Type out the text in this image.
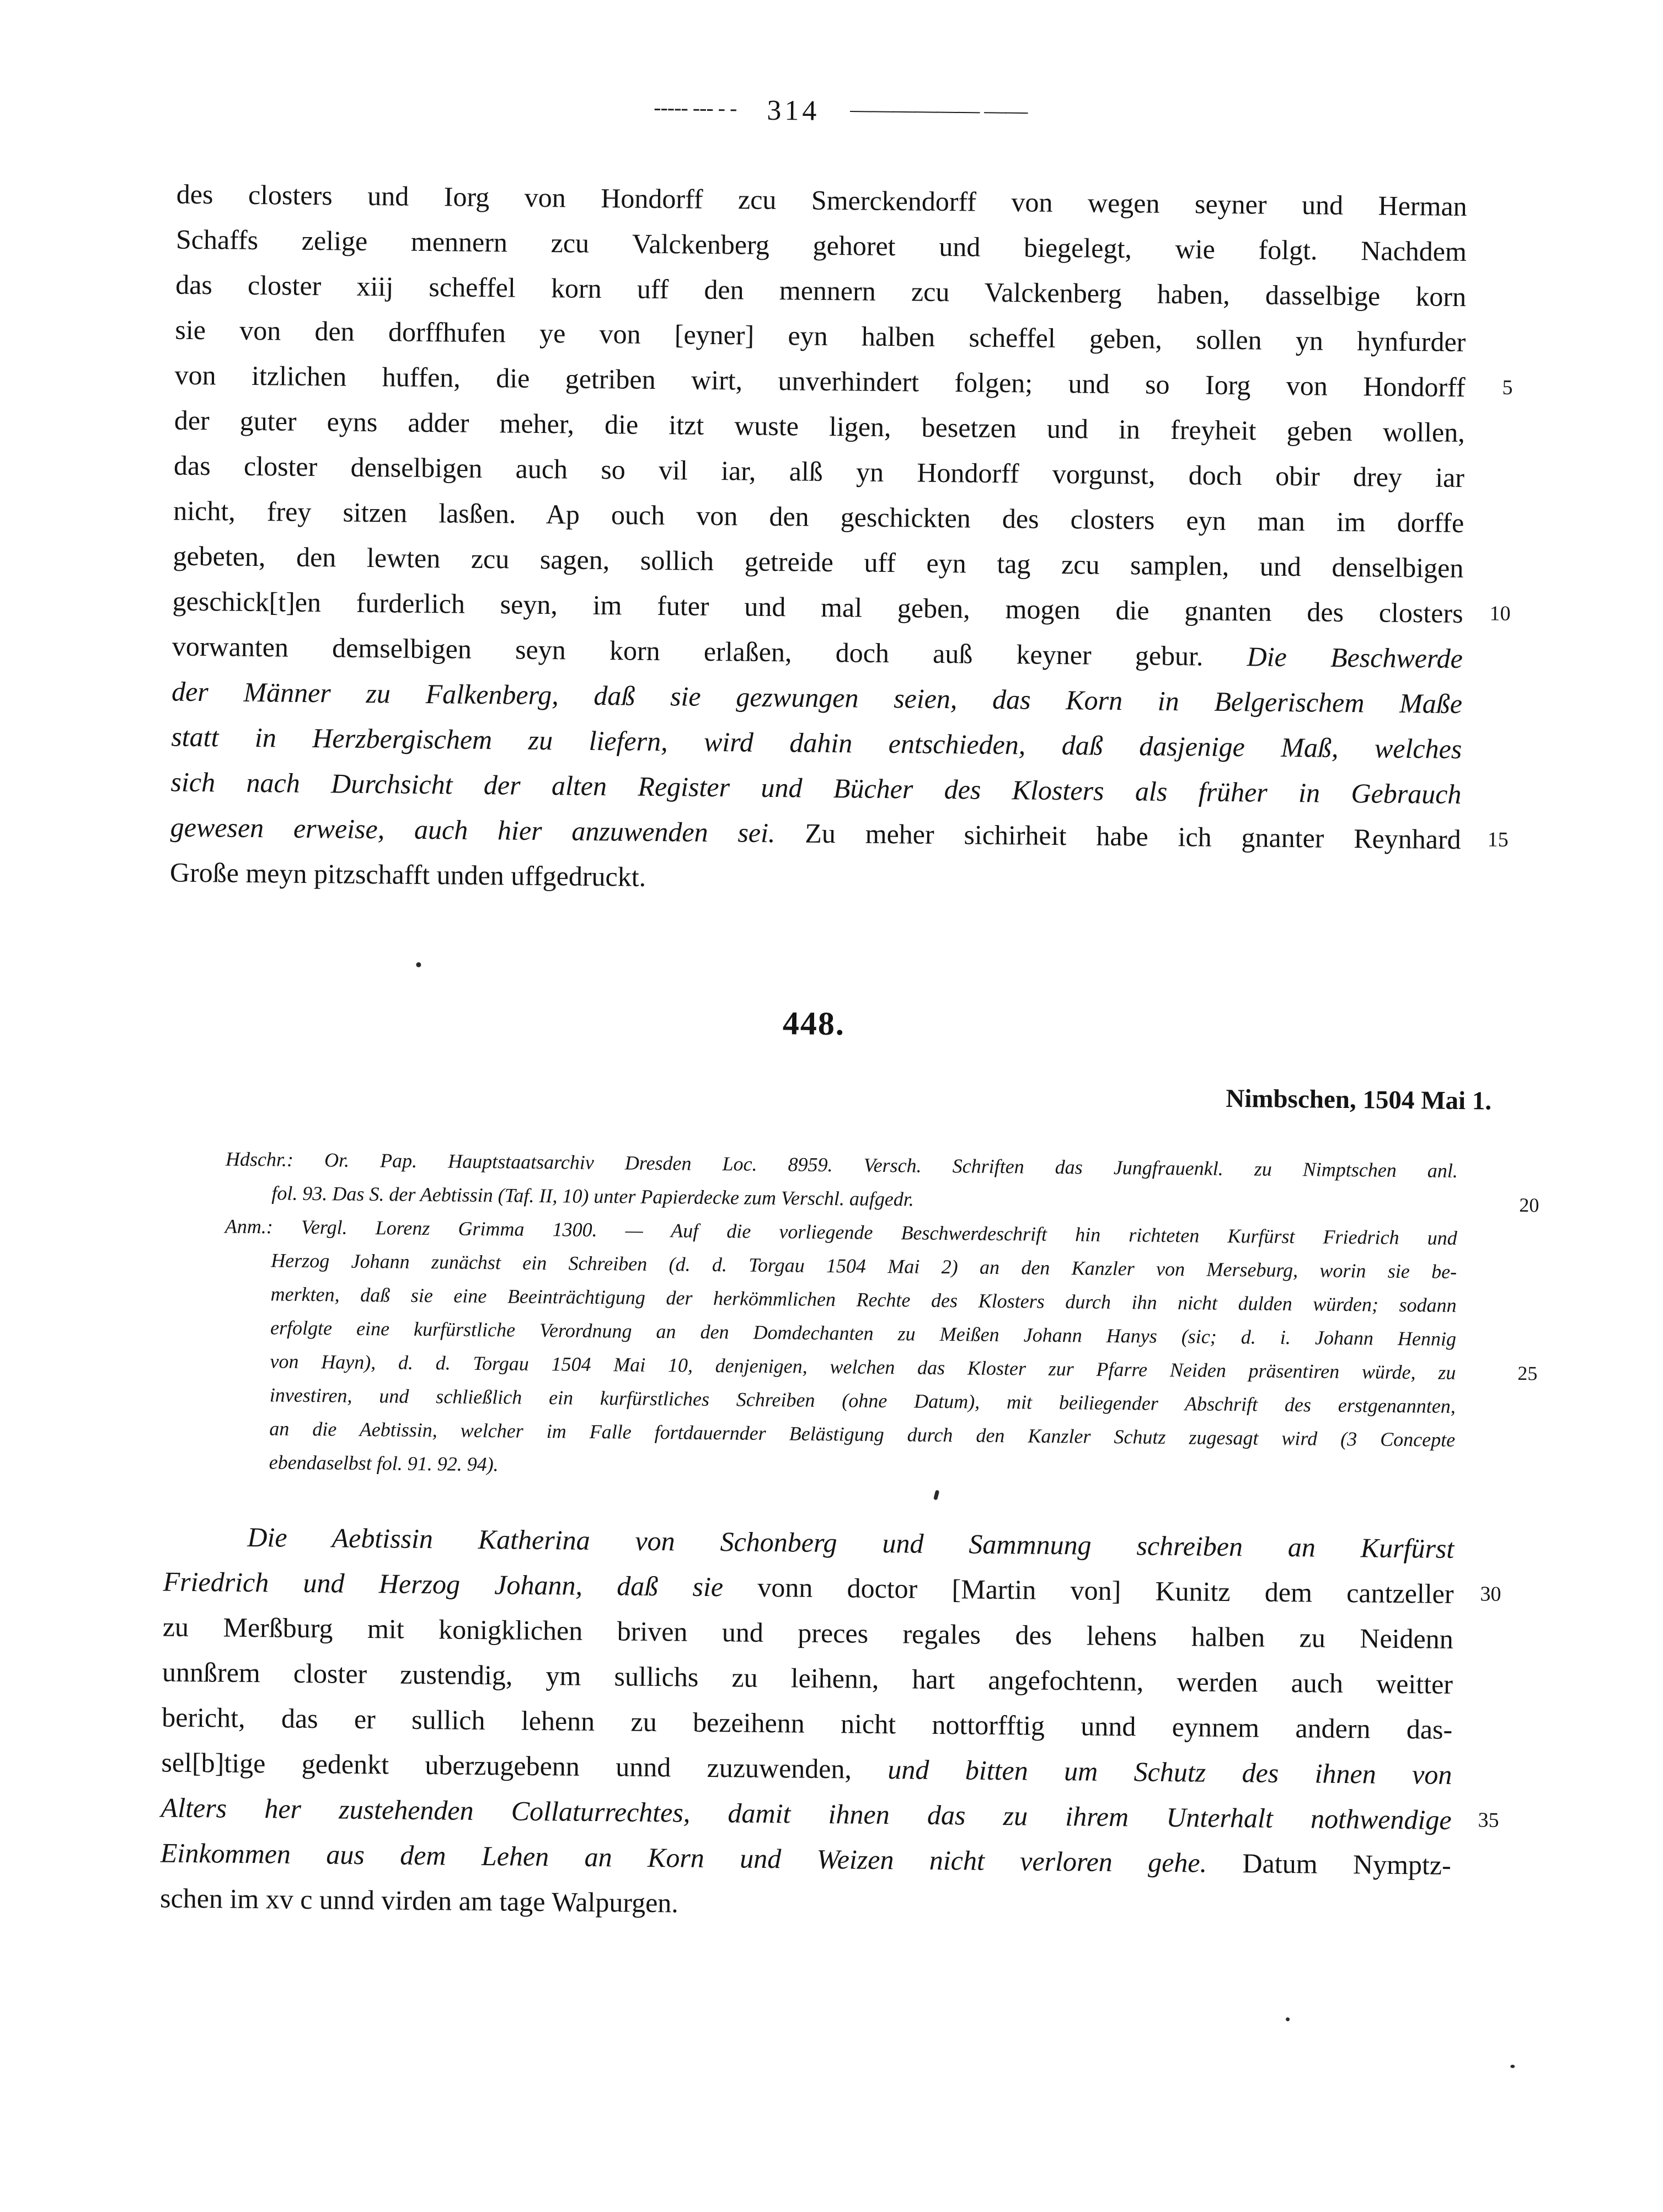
----- --- - - 314 —————— ——
des closters und Iorg von Hondorff zcu Smerckendorff von wegen seyner und Herman
Schaffs zelige mennern zcu Valckenberg gehoret und biegelegt, wie folgt. Nachdem
das closter xiij scheffel korn uff den mennern zcu Valckenberg haben, dasselbige korn
sie von den dorffhufen ye von [eyner] eyn halben scheffel geben, sollen yn hynfurder
von itzlichen huffen, die getriben wirt, unverhindert folgen; und so Iorg von Hondorff 5
der guter eyns adder meher, die itzt wuste ligen, besetzen und in freyheit geben wollen,
das closter denselbigen auch so vil iar, alß yn Hondorff vorgunst, doch obir drey iar
nicht, frey sitzen lasßen. Ap ouch von den geschickten des closters eyn man im dorffe
gebeten, den lewten zcu sagen, sollich getreide uff eyn tag zcu samplen, und denselbigen
geschick[t]en furderlich seyn, im futer und mal geben, mogen die gnanten des closters 10
vorwanten demselbigen seyn korn erlaßen, doch auß keyner gebur. Die Beschwerde
der Männer zu Falkenberg, daß sie gezwungen seien, das Korn in Belgerischem Maße
statt in Herzbergischem zu liefern, wird dahin entschieden, daß dasjenige Maß, welches
sich nach Durchsicht der alten Register und Bücher des Klosters als früher in Gebrauch
gewesen erweise, auch hier anzuwenden sei. Zu meher sichirheit habe ich gnanter Reynhard 15
Große meyn pitzschafft unden uffgedruckt.
448.
Nimbschen, 1504 Mai 1.
Hdschr.: Or. Pap. Hauptstaatsarchiv Dresden Loc. 8959. Versch. Schriften das Jungfrauenkl. zu Nimptschen anl.
fol. 93. Das S. der Aebtissin (Taf. II, 10) unter Papierdecke zum Verschl. aufgedr.	20
Anm.: Vergl. Lorenz Grimma 1300. — Auf die vorliegende Beschwerdeschrift hin richteten Kurfürst Friedrich und
Herzog Johann zunächst ein Schreiben (d. d. Torgau 1504 Mai 2) an den Kanzler von Merseburg, worin sie be-
merkten, daß sie eine Beeinträchtigung der herkömmlichen Rechte des Klosters durch ihn nicht dulden würden; sodann
erfolgte eine kurfürstliche Verordnung an den Domdechanten zu Meißen Johann Hanys (sic; d. i. Johann Hennig
von Hayn), d. d. Torgau 1504 Mai 10, denjenigen, welchen das Kloster zur Pfarre Neiden präsentiren würde, zu	25
investiren, und schließlich ein kurfürstliches Schreiben (ohne Datum), mit beiliegender Abschrift des erstgenannten,
an die Aebtissin, welcher im Falle fortdauernder Belästigung durch den Kanzler Schutz zugesagt wird (3 Concepte
ebendaselbst fol. 91. 92. 94).
Die Aebtissin Katherina von Schonberg und Sammnung schreiben an Kurfürst
Friedrich und Herzog Johann, daß sie vonn doctor [Martin von] Kunitz dem cantzeller 30
zu Merßburg mit konigklichen briven und preces regales des lehens halben zu Neidenn
unnßrem closter zustendig, ym sullichs zu leihenn, hart angefochtenn, werden auch weitter
bericht, das er sullich lehenn zu bezeihenn nicht nottorfftig unnd eynnem andern das-
sel[b]tige gedenkt uberzugebenn unnd zuzuwenden, und bitten um Schutz des ihnen von
Alters her zustehenden Collaturrechtes, damit ihnen das zu ihrem Unterhalt nothwendige 35
Einkommen aus dem Lehen an Korn und Weizen nicht verloren gehe. Datum Nymptz-
schen im xv c unnd virden am tage Walpurgen.
